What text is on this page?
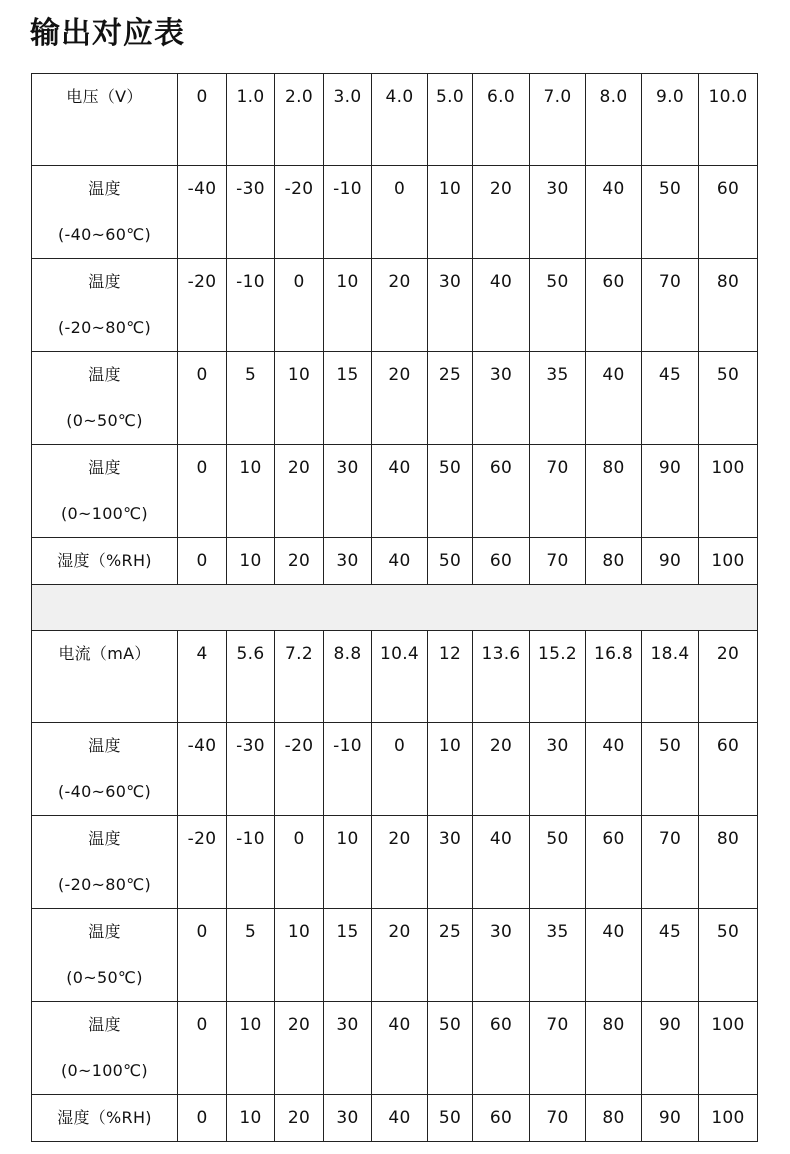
输出对应表
电压（V）	0	1.0	2.0	3.0	4.0	5.0	6.0	7.0	8.0	9.0	10.0

温度
(-40~60℃)	-40	-30	-20	-10	0	10	20	30	40	50	60

温度
(-20~80℃)	-20	-10	0	10	20	30	40	50	60	70	80

温度
(0~50℃)	0	5	10	15	20	25	30	35	40	45	50

温度
(0~100℃)	0	10	20	30	40	50	60	70	80	90	100
湿度（%RH)	0	10	20	30	40	50	60	70	80	90	100

电流（mA）	4	5.6	7.2	8.8	10.4	12	13.6	15.2	16.8	18.4	20

温度
(-40~60℃)	-40	-30	-20	-10	0	10	20	30	40	50	60

温度
(-20~80℃)	-20	-10	0	10	20	30	40	50	60	70	80

温度
(0~50℃)	0	5	10	15	20	25	30	35	40	45	50

温度
(0~100℃)	0	10	20	30	40	50	60	70	80	90	100
湿度（%RH)	0	10	20	30	40	50	60	70	80	90	100
